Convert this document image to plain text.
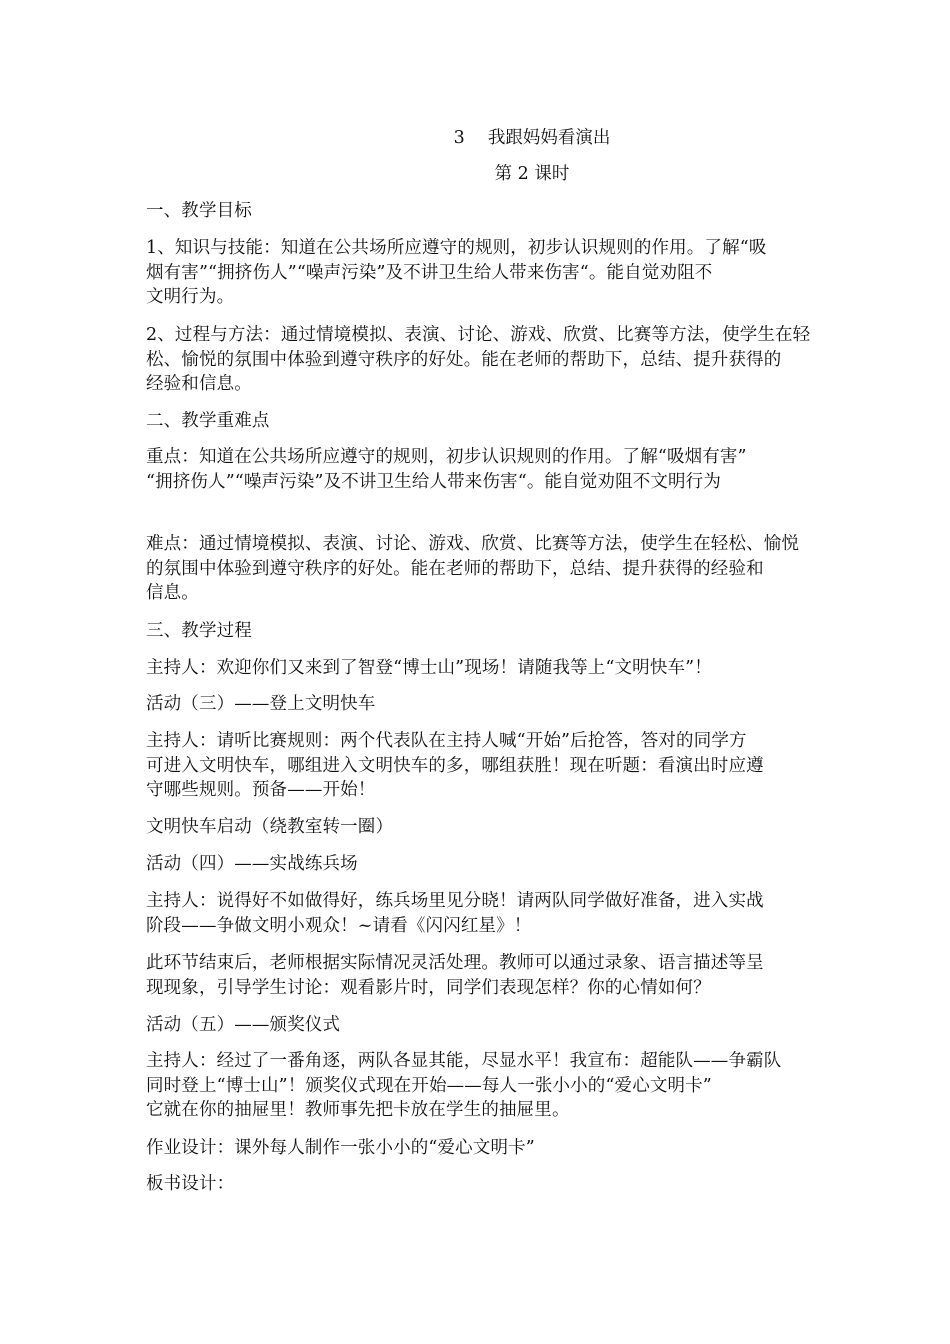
3　 我跟妈妈看演出
第 2 课时
一、教学目标
1、知识与技能：知道在公共场所应遵守的规则，初步认识规则的作用。了解“吸
烟有害”“拥挤伤人”“噪声污染”及不讲卫生给人带来伤害“。能自觉劝阻不
文明行为。
2、过程与方法：通过情境模拟、表演、讨论、游戏、欣赏、比赛等方法，使学生在轻
松、愉悦的氛围中体验到遵守秩序的好处。能在老师的帮助下，总结、提升获得的
经验和信息。
二、教学重难点
重点：知道在公共场所应遵守的规则，初步认识规则的作用。了解“吸烟有害”
“拥挤伤人”“噪声污染”及不讲卫生给人带来伤害“。能自觉劝阻不文明行为
难点：通过情境模拟、表演、讨论、游戏、欣赏、比赛等方法，使学生在轻松、愉悦
的氛围中体验到遵守秩序的好处。能在老师的帮助下，总结、提升获得的经验和
信息。
三、教学过程
主持人：欢迎你们又来到了智登“博士山”现场！请随我等上“文明快车”！
活动（三）——登上文明快车
主持人：请听比赛规则：两个代表队在主持人喊“开始”后抢答，答对的同学方
可进入文明快车，哪组进入文明快车的多，哪组获胜！现在听题：看演出时应遵
守哪些规则。预备——开始！
文明快车启动（绕教室转一圈）
活动（四）——实战练兵场
主持人：说得好不如做得好，练兵场里见分晓！请两队同学做好准备，进入实战
阶段——争做文明小观众！~请看《闪闪红星》！
此环节结束后，老师根据实际情况灵活处理。教师可以通过录象、语言描述等呈
现现象，引导学生讨论：观看影片时，同学们表现怎样？你的心情如何？
活动（五）——颁奖仪式
主持人：经过了一番角逐，两队各显其能，尽显水平！我宣布：超能队——争霸队
同时登上“博士山”！颁奖仪式现在开始——每人一张小小的“爱心文明卡”
它就在你的抽屉里！教师事先把卡放在学生的抽屉里。
作业设计：课外每人制作一张小小的“爱心文明卡”
板书设计：
